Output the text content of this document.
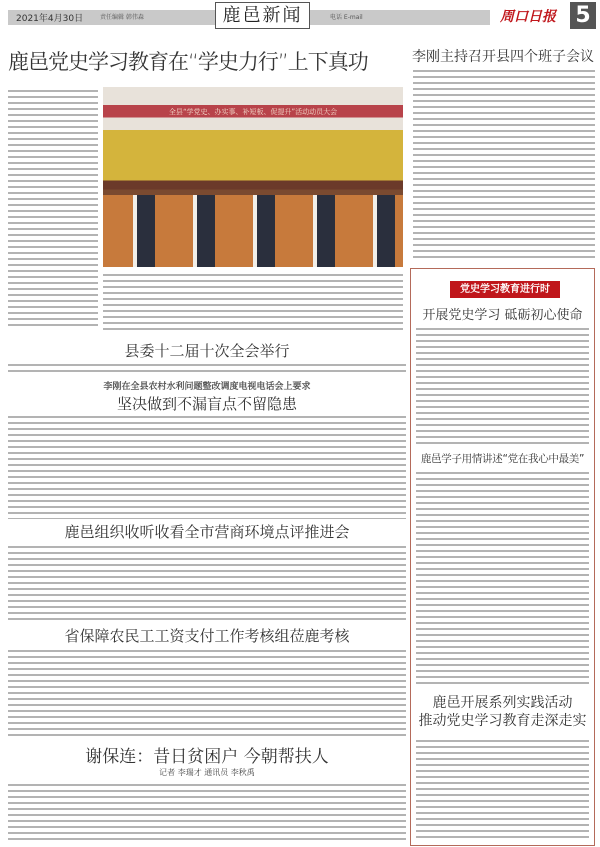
2021年4月30日	责任编辑 韩伟森	电话 E-mail
鹿邑新闻	周口日报 5
鹿邑党史学习教育在“学史力行”上下真功	李刚主持召开县四个班子会议
全县“学党史、办实事、补短板、促提升”活动动员大会
县委十二届十次全会举行
李刚在全县农村水利问题整改调度电视电话会上要求
坚决做到不漏盲点不留隐患
鹿邑组织收听收看全市营商环境点评推进会
省保障农民工工资支付工作考核组莅鹿考核
谢保连：昔日贫困户 今朝帮扶人
记者 李瑞才 通讯员 李秋禹
党史学习教育进行时
开展党史学习 砥砺初心使命
鹿邑学子用情讲述“党在我心中最美”
鹿邑开展系列实践活动
推动党史学习教育走深走实
